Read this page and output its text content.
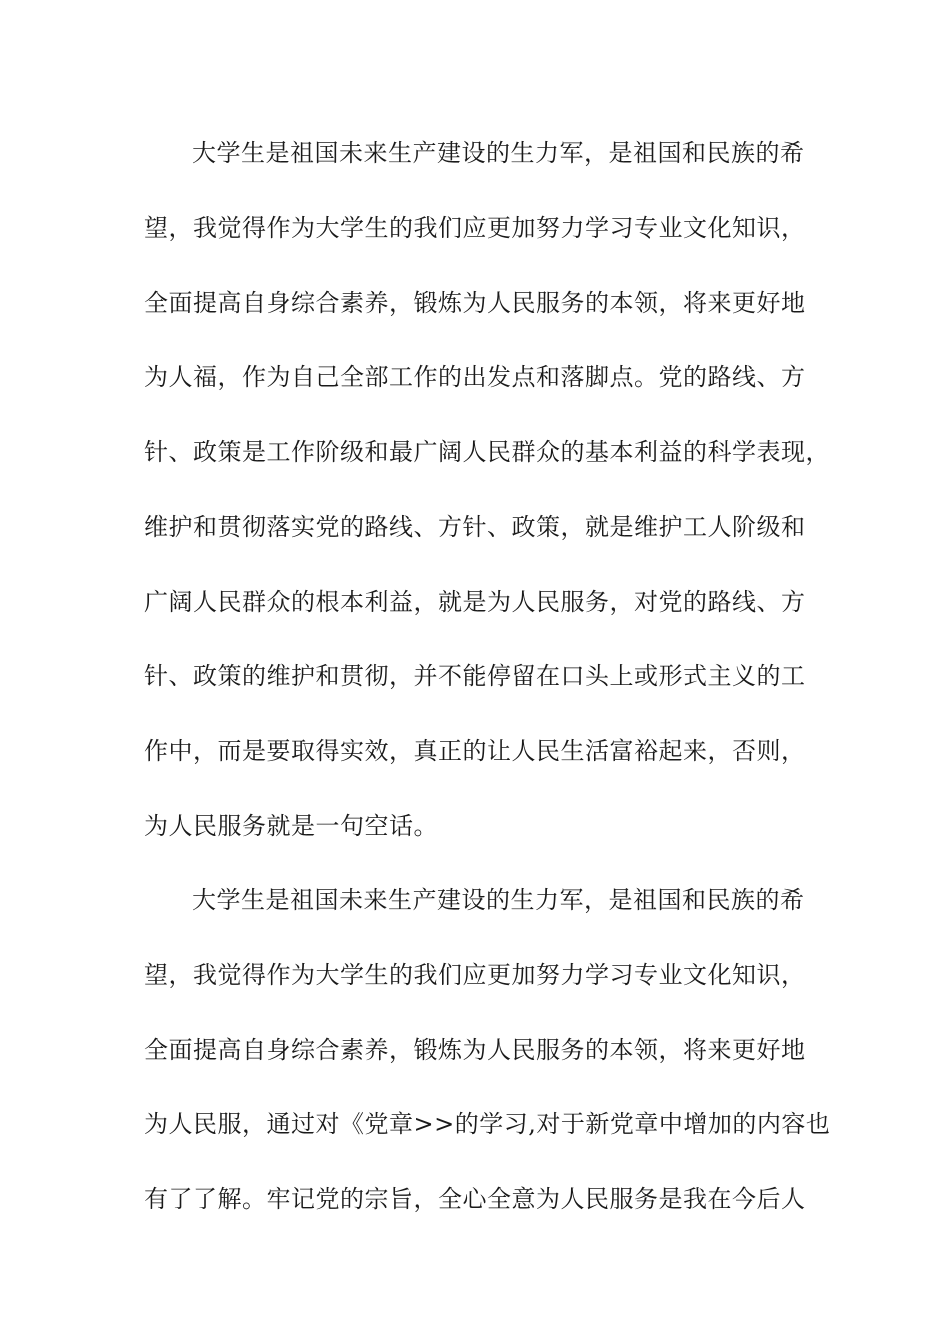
大学生是祖国未来生产建设的生力军，是祖国和民族的希
望，我觉得作为大学生的我们应更加努力学习专业文化知识，
全面提高自身综合素养，锻炼为人民服务的本领，将来更好地
为人福，作为自己全部工作的出发点和落脚点。党的路线、方
针、政策是工作阶级和最广阔人民群众的基本利益的科学表现，
维护和贯彻落实党的路线、方针、政策，就是维护工人阶级和
广阔人民群众的根本利益，就是为人民服务，对党的路线、方
针、政策的维护和贯彻，并不能停留在口头上或形式主义的工
作中，而是要取得实效，真正的让人民生活富裕起来，否则，
为人民服务就是一句空话。
大学生是祖国未来生产建设的生力军，是祖国和民族的希
望，我觉得作为大学生的我们应更加努力学习专业文化知识，
全面提高自身综合素养，锻炼为人民服务的本领，将来更好地
为人民服，通过对《党章>>的学习,对于新党章中增加的内容也
有了了解。牢记党的宗旨，全心全意为人民服务是我在今后人
